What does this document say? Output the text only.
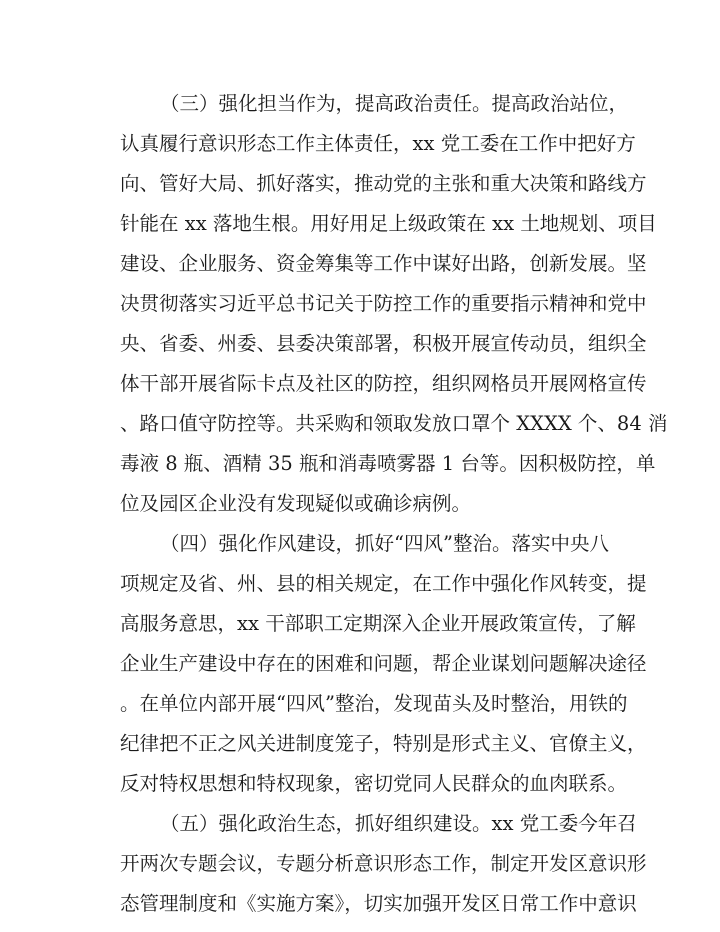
（三）强化担当作为，提高政治责任。提高政治站位，
认真履行意识形态工作主体责任，xx 党工委在工作中把好方
向、管好大局、抓好落实，推动党的主张和重大决策和路线方
针能在 xx 落地生根。用好用足上级政策在 xx 土地规划、项目
建设、企业服务、资金筹集等工作中谋好出路，创新发展。坚
决贯彻落实习近平总书记关于防控工作的重要指示精神和党中
央、省委、州委、县委决策部署，积极开展宣传动员，组织全
体干部开展省际卡点及社区的防控，组织网格员开展网格宣传
、路口值守防控等。共采购和领取发放口罩个 XXXX 个、84 消
毒液 8 瓶、酒精 35 瓶和消毒喷雾器 1 台等。因积极防控，单
位及园区企业没有发现疑似或确诊病例。
（四）强化作风建设，抓好“四风”整治。落实中央八
项规定及省、州、县的相关规定，在工作中强化作风转变，提
高服务意思，xx 干部职工定期深入企业开展政策宣传，了解
企业生产建设中存在的困难和问题，帮企业谋划问题解决途径
。在单位内部开展“四风”整治，发现苗头及时整治，用铁的
纪律把不正之风关进制度笼子，特别是形式主义、官僚主义，
反对特权思想和特权现象，密切党同人民群众的血肉联系。
（五）强化政治生态，抓好组织建设。xx 党工委今年召
开两次专题会议，专题分析意识形态工作，制定开发区意识形
态管理制度和《实施方案》，切实加强开发区日常工作中意识
